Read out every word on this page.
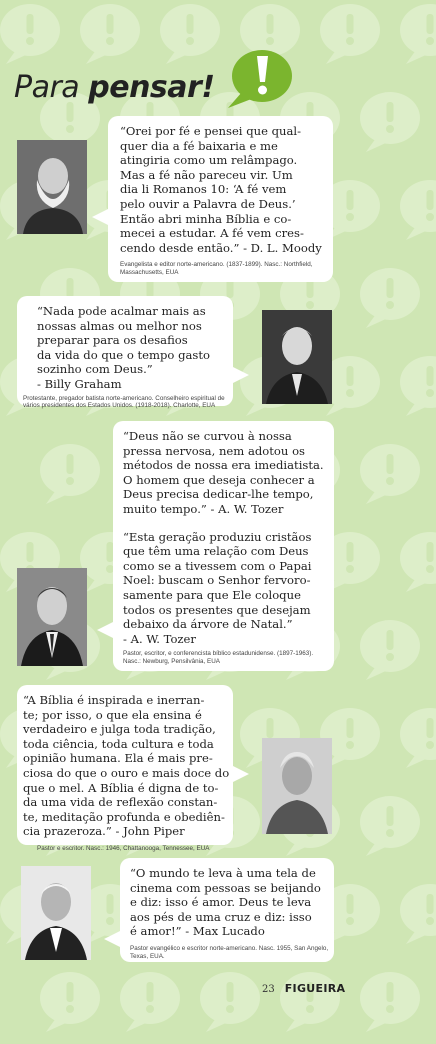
Para pensar!

“Orei por fé e pensei que qual-
quer dia a fé baixaria e me
atingiria como um relâmpago.
Mas a fé não pareceu vir. Um
dia li Romanos 10: ‘A fé vem
pelo ouvir a Palavra de Deus.’
Então abri minha Bíblia e co-
mecei a estudar. A fé vem cres-
cendo desde então.” - D. L. Moody

Evangelista e editor norte-americano. (1837-1899). Nasc.: Northfield,
Massachusetts, EUA

“Nada pode acalmar mais as
nossas almas ou melhor nos
preparar para os desafios
da vida do que o tempo gasto
sozinho com Deus.”
- Billy Graham

Protestante, pregador batista norte-americano. Conselheiro espiritual de
vários presidentes dos Estados Unidos. (1918-2018). Charlotte, EUA

“Deus não se curvou à nossa
pressa nervosa, nem adotou os
métodos de nossa era imediatista.
O homem que deseja conhecer a
Deus precisa dedicar-lhe tempo,
muito tempo.” - A. W. Tozer

“Esta geração produziu cristãos
que têm uma relação com Deus
como se a tivessem com o Papai
Noel: buscam o Senhor fervoro-
samente para que Ele coloque
todos os presentes que desejam
debaixo da árvore de Natal.”
- A. W. Tozer

Pastor, escritor, e conferencista bíblico estadunidense. (1897-1963).
Nasc.: Newburg, Pensilvânia, EUA

“A Bíblia é inspirada e inerran-
te; por isso, o que ela ensina é
verdadeiro e julga toda tradição,
toda ciência, toda cultura e toda
opinião humana. Ela é mais pre-
ciosa do que o ouro e mais doce do
que o mel. A Bíblia é digna de to-
da uma vida de reflexão constan-
te, meditação profunda e obediên-
cia prazeroza.” - John Piper

Pastor e escritor. Nasc.: 1946, Chattanooga, Tennessee, EUA

“O mundo te leva à uma tela de
cinema com pessoas se beijando
e diz: isso é amor. Deus te leva
aos pés de uma cruz e diz: isso
é amor!” - Max Lucado

Pastor evangélico e escritor norte-americano. Nasc. 1955, San Angelo,
Texas, EUA.
23 FIGUEIRA
